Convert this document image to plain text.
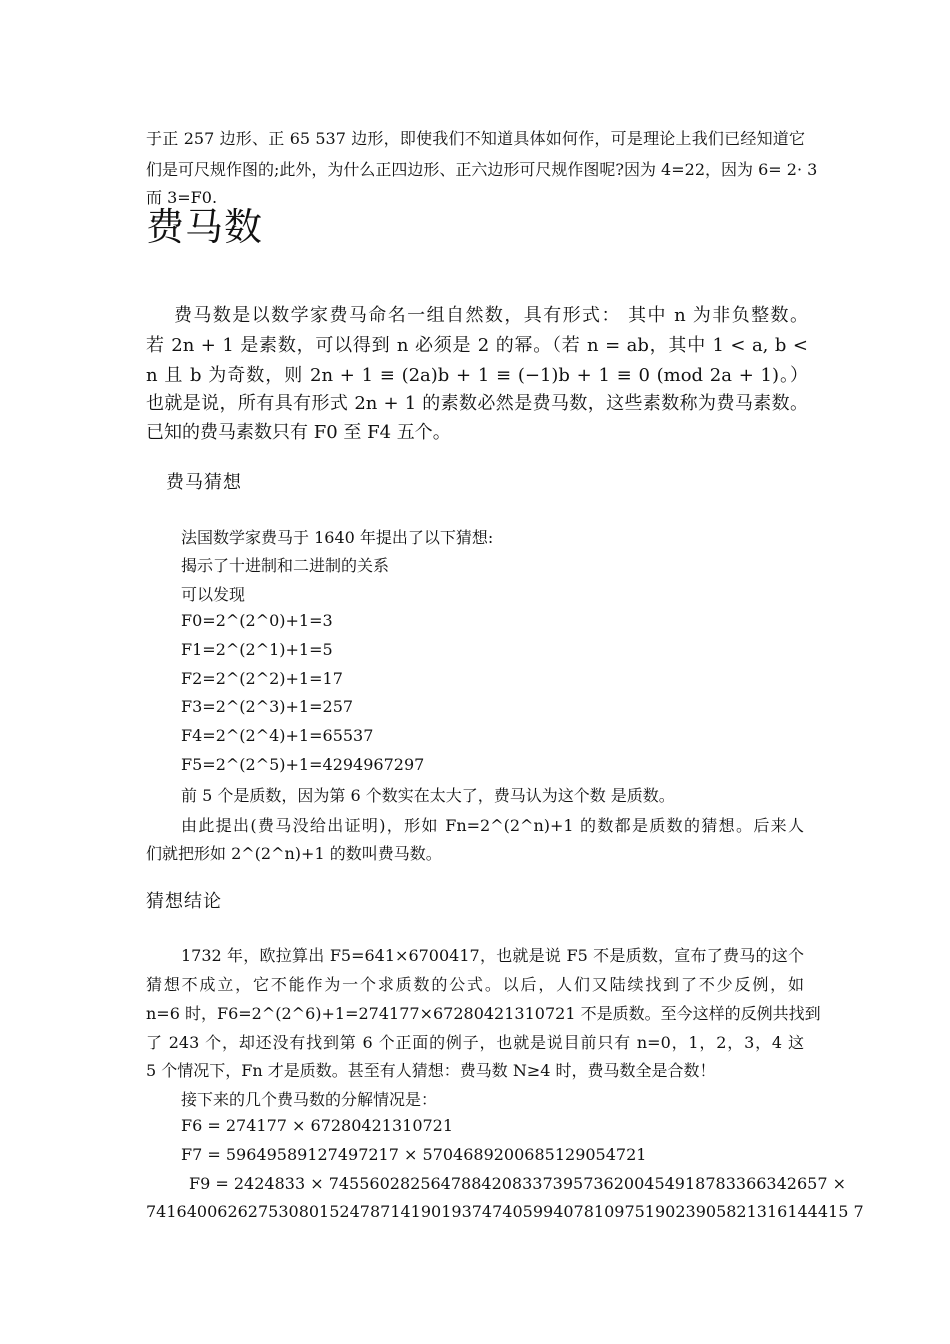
于正 257 边形、正 65 537 边形，即使我们不知道具体如何作，可是理论上我们已经知道它
们是可尺规作图的;此外，为什么正四边形、正六边形可尺规作图呢?因为 4=22，因为 6= 2· 3
而 3=F0.
费马数
费马数是以数学家费马命名一组自然数，具有形式： 其中 n 为非负整数。
若 2n + 1 是素数，可以得到 n 必须是 2 的幂。（若 n = ab，其中 1 < a, b <
n 且 b 为奇数，则 2n + 1 ≡ (2a)b + 1 ≡ (−1)b + 1 ≡ 0 (mod 2a + 1)。）
也就是说，所有具有形式 2n + 1 的素数必然是费马数，这些素数称为费马素数。
已知的费马素数只有 F0 至 F4 五个。
费马猜想
法国数学家费马于 1640 年提出了以下猜想:
揭示了十进制和二进制的关系
可以发现
F0=2^(2^0)+1=3
F1=2^(2^1)+1=5
F2=2^(2^2)+1=17
F3=2^(2^3)+1=257
F4=2^(2^4)+1=65537
F5=2^(2^5)+1=4294967297
前 5 个是质数，因为第 6 个数实在太大了，费马认为这个数 是质数。
由此提出(费马没给出证明)，形如 Fn=2^(2^n)+1 的数都是质数的猜想。后来人
们就把形如 2^(2^n)+1 的数叫费马数。
猜想结论
1732 年，欧拉算出 F5=641×6700417，也就是说 F5 不是质数，宣布了费马的这个
猜想不成立，它不能作为一个求质数的公式。以后，人们又陆续找到了不少反例，如
n=6 时，F6=2^(2^6)+1=274177×67280421310721 不是质数。至今这样的反例共找到
了 243 个，却还没有找到第 6 个正面的例子，也就是说目前只有 n=0，1，2，3，4 这
5 个情况下，Fn 才是质数。甚至有人猜想：费马数 N≥4 时，费马数全是合数！
接下来的几个费马数的分解情况是：
F6 = 274177 × 67280421310721
F7 = 59649589127497217 × 5704689200685129054721
F9 = 2424833 × 7455602825647884208337395736200454918783366342657 ×
741640062627530801524787141901937474059940781097519023905821316144415 7
